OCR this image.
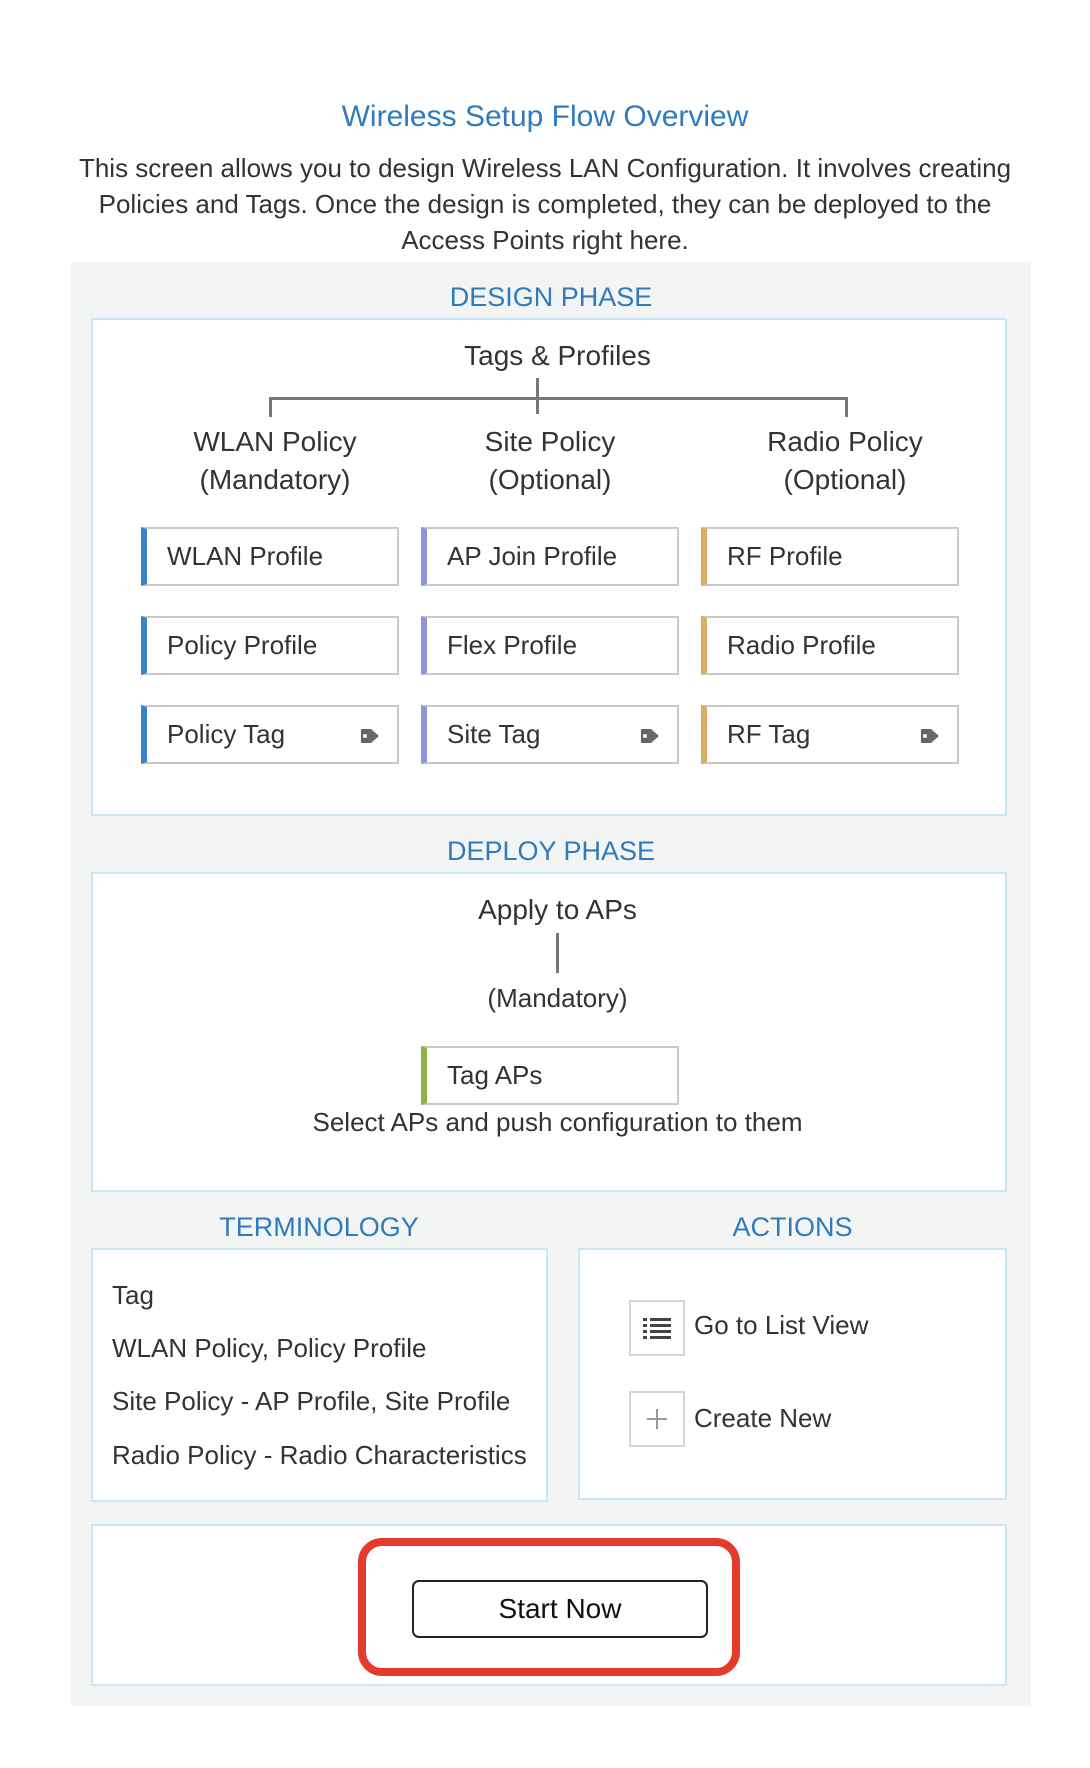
Wireless Setup Flow Overview
This screen allows you to design Wireless LAN Configuration. It involves creating Policies and Tags. Once the design is completed, they can be deployed to the Access Points right here.
DESIGN PHASE
Tags & Profiles
WLAN Policy
(Mandatory)
Site Policy
(Optional)
Radio Policy
(Optional)
WLAN Profile
Policy Profile
Policy Tag
AP Join Profile
Flex Profile
Site Tag
RF Profile
Radio Profile
RF Tag
DEPLOY PHASE
Apply to APs
(Mandatory)
Tag APs
Select APs and push configuration to them
TERMINOLOGY
Tag
WLAN Policy, Policy Profile
Site Policy - AP Profile, Site Profile
Radio Policy - Radio Characteristics
ACTIONS
Go to List View
Create New
Start Now
